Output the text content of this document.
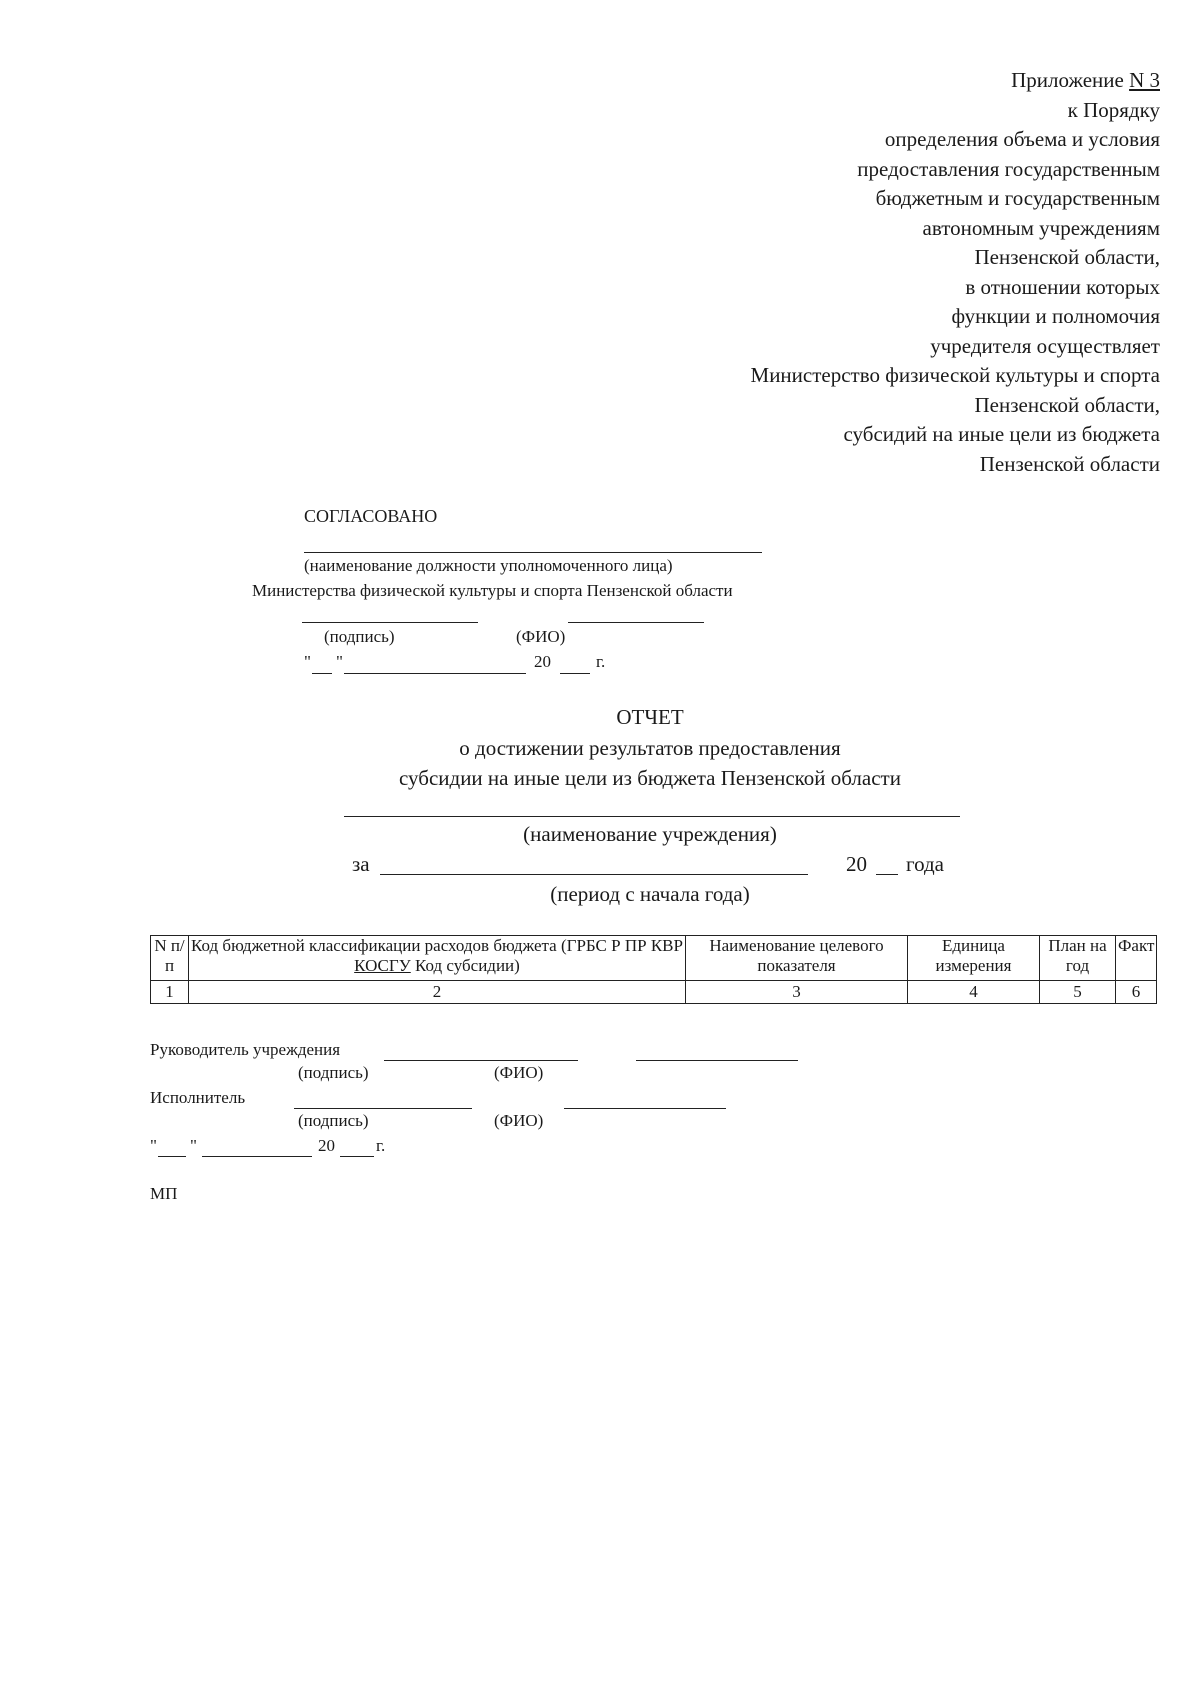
Приложение N 3
к Порядку
определения объема и условия
предоставления государственным
бюджетным и государственным
автономным учреждениям
Пензенской области,
в отношении которых
функции и полномочия
учредителя осуществляет
Министерство физической культуры и спорта
Пензенской области,
субсидий на иные цели из бюджета
Пензенской области
СОГЛАСОВАНО
(наименование должности уполномоченного лица)
Министерства физической культуры и спорта Пензенской области
(подпись)	(ФИО)
" "	20	г.
ОТЧЕТ
о достижении результатов предоставления
субсидии на иные цели из бюджета Пензенской области
(наименование учреждения)
за	20 года
(период с начала года)
N п/п	Код бюджетной классификации расходов бюджета (ГРБС Р ПР КВР КОСГУ Код субсидии)	Наименование целевого показателя	Единица измерения	План на год	Факт
1	2	3	4	5	6
Руководитель учреждения
(подпись)	(ФИО)
Исполнитель
(подпись)	(ФИО)
" "	20 г.
МП
